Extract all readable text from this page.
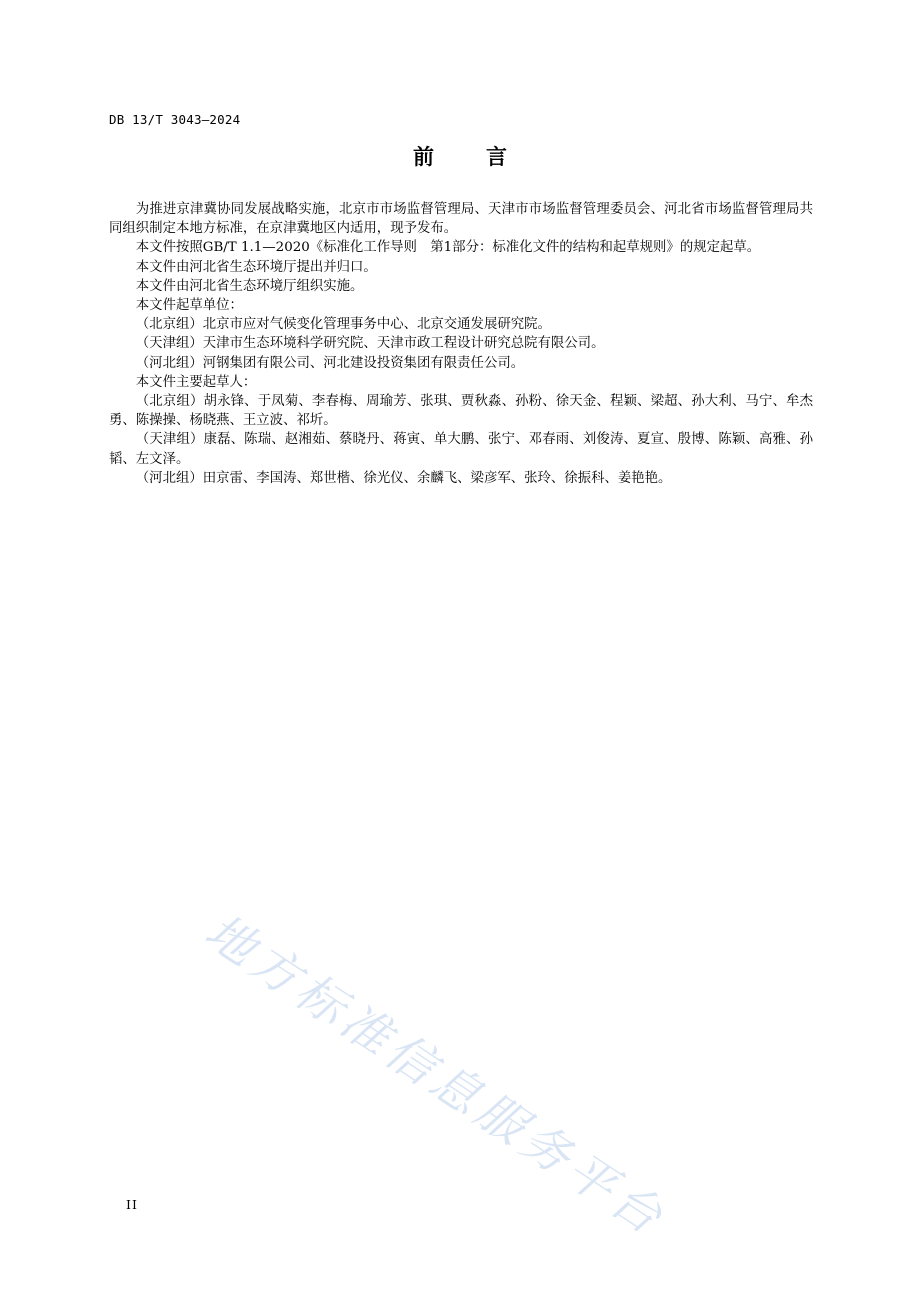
DB 13/T 3043—2024
前 言

为推进京津冀协同发展战略实施，北京市市场监督管理局、天津市市场监督管理委员会、河北省市场监督管理局共同组织制定本地方标准，在京津冀地区内适用，现予发布。

本文件按照GB/T 1.1—2020《标准化工作导则　第1部分：标准化文件的结构和起草规则》的规定起草。

本文件由河北省生态环境厅提出并归口。

本文件由河北省生态环境厅组织实施。

本文件起草单位：

（北京组）北京市应对气候变化管理事务中心、北京交通发展研究院。

（天津组）天津市生态环境科学研究院、天津市政工程设计研究总院有限公司。

（河北组）河钢集团有限公司、河北建设投资集团有限责任公司。

本文件主要起草人：

（北京组）胡永锋、于凤菊、李春梅、周瑜芳、张琪、贾秋淼、孙粉、徐天金、程颖、梁超、孙大利、马宁、牟杰勇、陈操操、杨晓燕、王立波、祁圻。

（天津组）康磊、陈瑞、赵湘茹、蔡晓丹、蒋寅、单大鹏、张宁、邓春雨、刘俊涛、夏宣、殷博、陈颖、高雅、孙韬、左文泽。

（河北组）田京雷、李国涛、郑世楷、徐光仪、余麟飞、梁彦军、张玲、徐振科、姜艳艳。

地方标准信息服务平台
II
